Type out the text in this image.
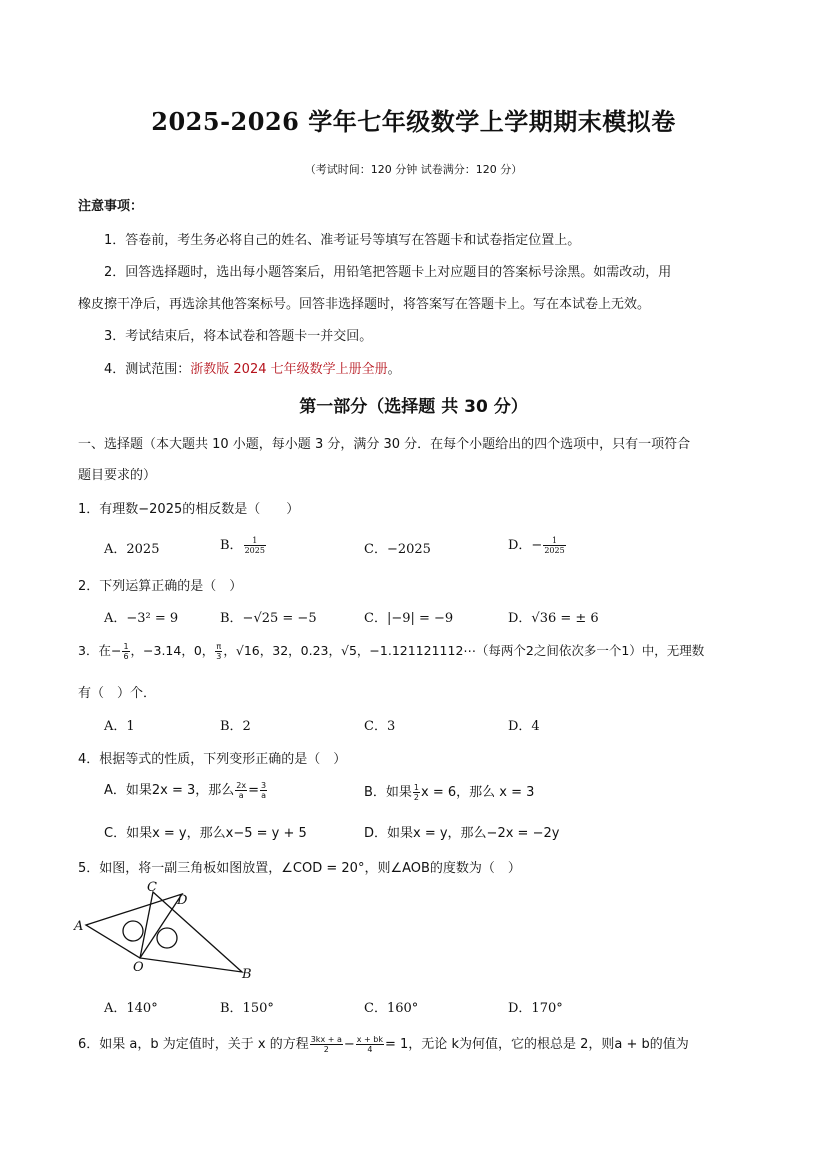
2025-2026 学年七年级数学上学期期末模拟卷
（考试时间：120 分钟 试卷满分：120 分）
注意事项：
1．答卷前，考生务必将自己的姓名、准考证号等填写在答题卡和试卷指定位置上。
2．回答选择题时，选出每小题答案后，用铅笔把答题卡上对应题目的答案标号涂黑。如需改动，用
橡皮擦干净后，再选涂其他答案标号。回答非选择题时，将答案写在答题卡上。写在本试卷上无效。
3．考试结束后，将本试卷和答题卡一并交回。
4．测试范围：浙教版 2024 七年级数学上册全册。
第一部分（选择题 共 30 分）
一、选择题（本大题共 10 小题，每小题 3 分，满分 30 分．在每个小题给出的四个选项中，只有一项符合
题目要求的）
1．有理数−2025的相反数是（　　）
A．2025	B． $\frac{1}{2025}$	C．−2025	D．− $\frac{1}{2025}$
2．下列运算正确的是（　）
A．−3² = 9	B．−√25 = −5	C．|−9| = −9	D．√36 = ± 6
3．在− $\frac{1}{6}$ ，−3.14，0， $\frac{\pi}{3}$ ，√16，32，0.23，√5，−1.121121112⋯（每两个2之间依次多一个1）中，无理数
有（　）个．
A．1	B．2	C．3	D．4
4．根据等式的性质，下列变形正确的是（　）
A．如果2x = 3，那么 $\frac{2x}{a} = \frac{3}{a}$	B．如果 $\frac{1}{2}$ x = 6，那么 x = 3
C．如果x = y，那么x−5 = y + 5	D．如果x = y，那么−2x = −2y
5．如图，将一副三角板如图放置，∠COD = 20°，则∠AOB的度数为（　）
A
C
D
O	B
A．140°	B．150°	C．160°	D．170°
6．如果 a，b 为定值时，关于 x 的方程 $\frac{3kx + a}{2} - \frac{x + bk}{4} = 1$，无论 k为何值，它的根总是 2，则a + b的值为
